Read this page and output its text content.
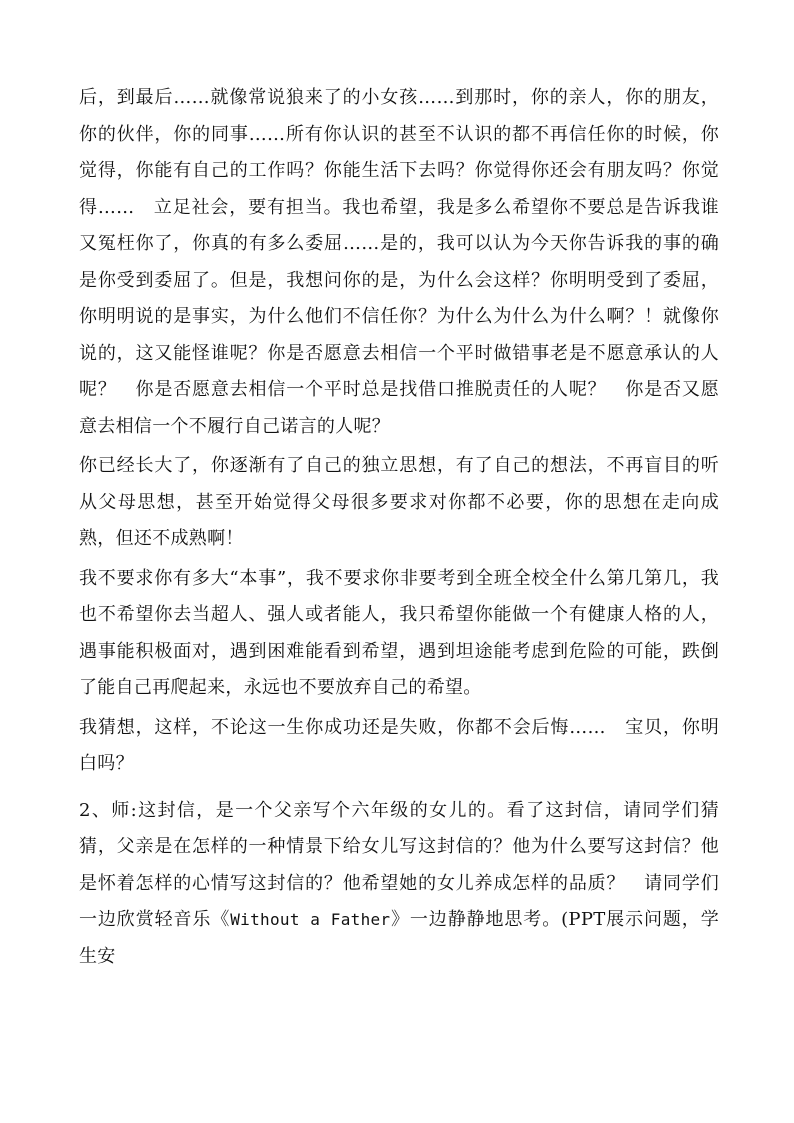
后，到最后……就像常说狼来了的小女孩……到那时，你的亲人，你的朋友，你的伙伴，你的同事……所有你认识的甚至不认识的都不再信任你的时候，你觉得，你能有自己的工作吗？你能生活下去吗？你觉得你还会有朋友吗？你觉得……　立足社会，要有担当。我也希望，我是多么希望你不要总是告诉我谁又冤枉你了，你真的有多么委屈……是的，我可以认为今天你告诉我的事的确是你受到委屈了。但是，我想问你的是，为什么会这样？你明明受到了委屈，你明明说的是事实，为什么他们不信任你？为什么为什么为什么啊？！就像你说的，这又能怪谁呢？你是否愿意去相信一个平时做错事老是不愿意承认的人呢？　你是否愿意去相信一个平时总是找借口推脱责任的人呢？　你是否又愿意去相信一个不履行自己诺言的人呢？

你已经长大了，你逐渐有了自己的独立思想，有了自己的想法，不再盲目的听从父母思想，甚至开始觉得父母很多要求对你都不必要，你的思想在走向成熟，但还不成熟啊！

我不要求你有多大“本事”，我不要求你非要考到全班全校全什么第几第几，我也不希望你去当超人、强人或者能人，我只希望你能做一个有健康人格的人，遇事能积极面对，遇到困难能看到希望，遇到坦途能考虑到危险的可能，跌倒了能自己再爬起来，永远也不要放弃自己的希望。

我猜想，这样，不论这一生你成功还是失败，你都不会后悔……　宝贝，你明白吗？

2、师:这封信，是一个父亲写个六年级的女儿的。看了这封信，请同学们猜猜，父亲是在怎样的一种情景下给女儿写这封信的？他为什么要写这封信？他是怀着怎样的心情写这封信的？他希望她的女儿养成怎样的品质？　请同学们一边欣赏轻音乐《Without a Father》一边静静地思考。(PPT展示问题，学生安
